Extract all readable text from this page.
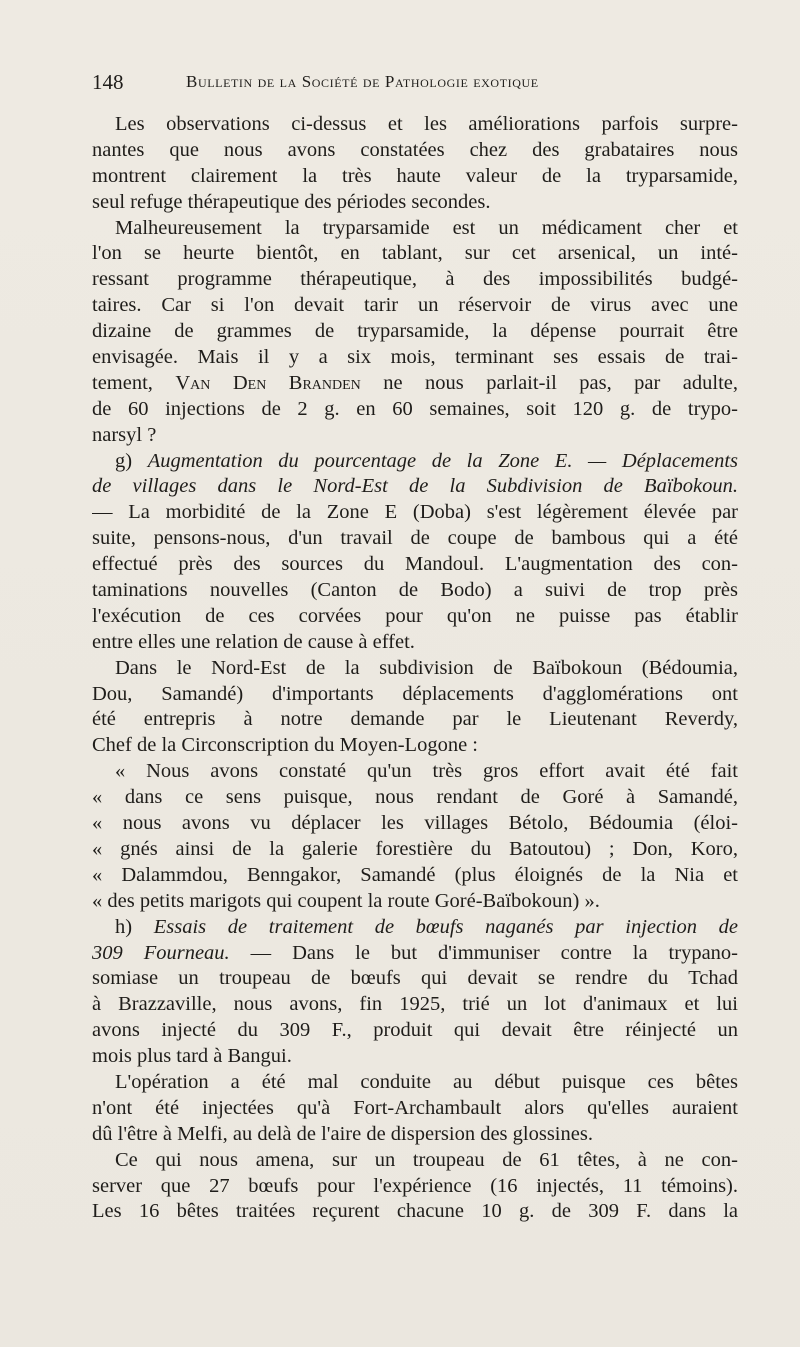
148	Bulletin de la Société de Pathologie exotique
Les observations ci-dessus et les améliorations parfois surpre-
nantes que nous avons constatées chez des grabataires nous
montrent clairement la très haute valeur de la tryparsamide,
seul refuge thérapeutique des périodes secondes.
Malheureusement la tryparsamide est un médicament cher et
l'on se heurte bientôt, en tablant, sur cet arsenical, un inté-
ressant programme thérapeutique, à des impossibilités budgé-
taires. Car si l'on devait tarir un réservoir de virus avec une
dizaine de grammes de tryparsamide, la dépense pourrait être
envisagée. Mais il y a six mois, terminant ses essais de trai-
tement, Van Den Branden ne nous parlait-il pas, par adulte,
de 60 injections de 2 g. en 60 semaines, soit 120 g. de trypo-
narsyl ?
g) Augmentation du pourcentage de la Zone E. — Déplacements
de villages dans le Nord-Est de la Subdivision de Baïbokoun.
— La morbidité de la Zone E (Doba) s'est légèrement élevée par
suite, pensons-nous, d'un travail de coupe de bambous qui a été
effectué près des sources du Mandoul. L'augmentation des con-
taminations nouvelles (Canton de Bodo) a suivi de trop près
l'exécution de ces corvées pour qu'on ne puisse pas établir
entre elles une relation de cause à effet.
Dans le Nord-Est de la subdivision de Baïbokoun (Bédoumia,
Dou, Samandé) d'importants déplacements d'agglomérations ont
été entrepris à notre demande par le Lieutenant Reverdy,
Chef de la Circonscription du Moyen-Logone :
« Nous avons constaté qu'un très gros effort avait été fait
« dans ce sens puisque, nous rendant de Goré à Samandé,
« nous avons vu déplacer les villages Bétolo, Bédoumia (éloi-
« gnés ainsi de la galerie forestière du Batoutou) ; Don, Koro,
« Dalammdou, Benngakor, Samandé (plus éloignés de la Nia et
« des petits marigots qui coupent la route Goré-Baïbokoun) ».
h) Essais de traitement de bœufs naganés par injection de
309 Fourneau. — Dans le but d'immuniser contre la trypano-
somiase un troupeau de bœufs qui devait se rendre du Tchad
à Brazzaville, nous avons, fin 1925, trié un lot d'animaux et lui
avons injecté du 309 F., produit qui devait être réinjecté un
mois plus tard à Bangui.
L'opération a été mal conduite au début puisque ces bêtes
n'ont été injectées qu'à Fort-Archambault alors qu'elles auraient
dû l'être à Melfi, au delà de l'aire de dispersion des glossines.
Ce qui nous amena, sur un troupeau de 61 têtes, à ne con-
server que 27 bœufs pour l'expérience (16 injectés, 11 témoins).
Les 16 bêtes traitées reçurent chacune 10 g. de 309 F. dans la
